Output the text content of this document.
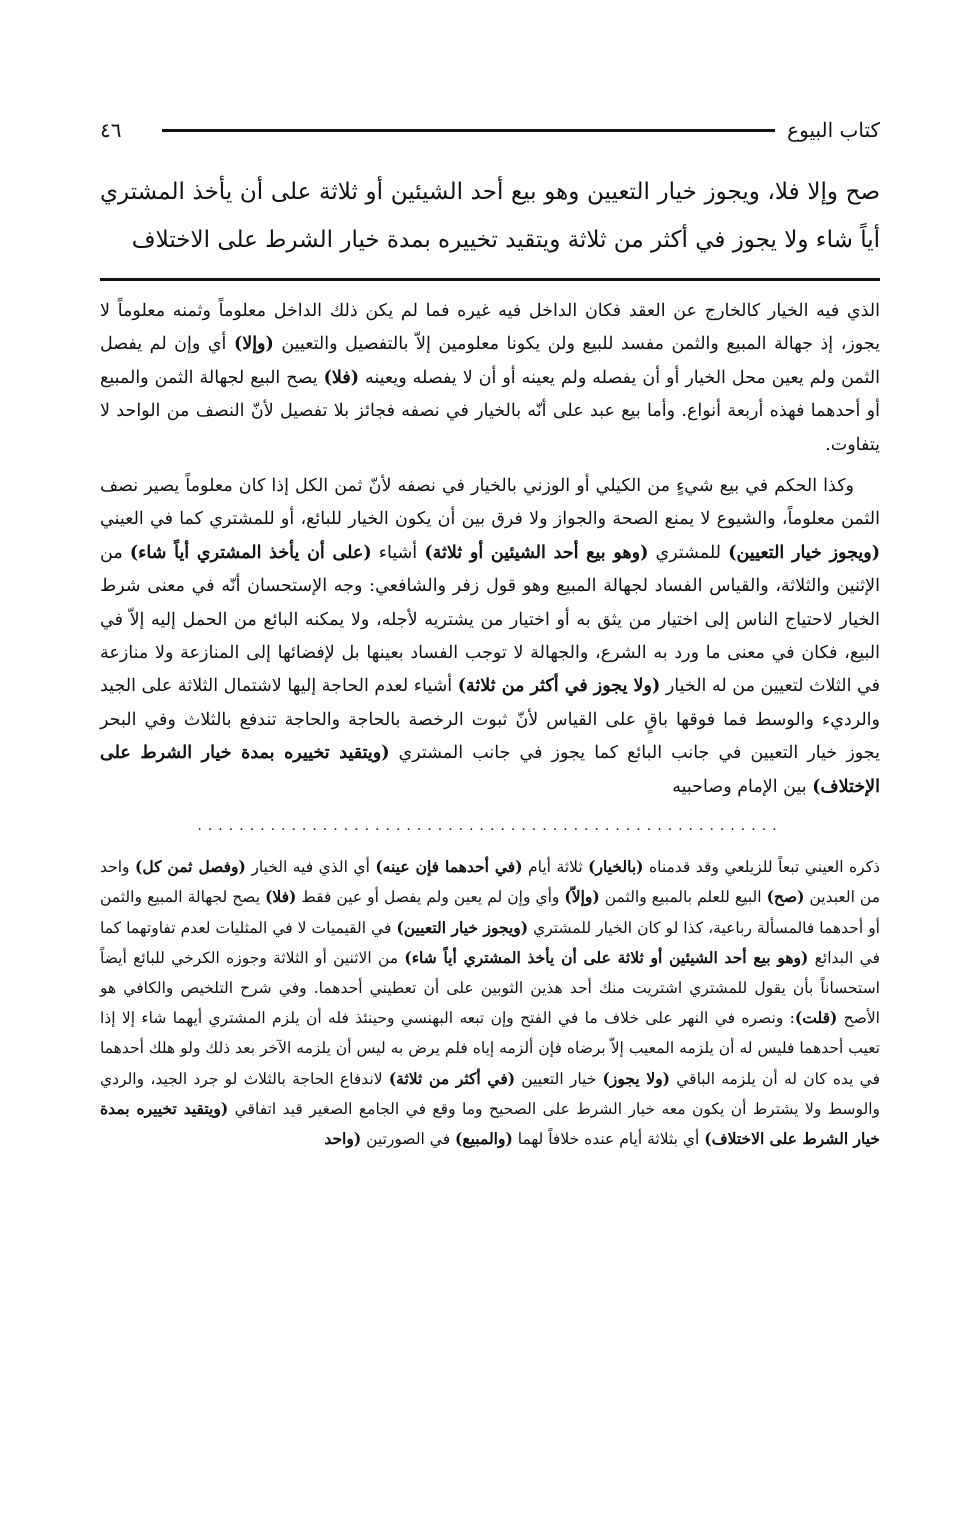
٤٦	كتاب البيوع
صح وإلا فلا، ويجوز خيار التعيين وهو بيع أحد الشيئين أو ثلاثة على أن يأخذ المشتري أياً شاء ولا يجوز في أكثر من ثلاثة ويتقيد تخييره بمدة خيار الشرط على الاختلاف

الذي فيه الخيار كالخارج عن العقد فكان الداخل فيه غيره فما لم يكن ذلك الداخل معلوماً وثمنه معلوماً لا يجوز، إذ جهالة المبيع والثمن مفسد للبيع ولن يكونا معلومين إلاّ بالتفصيل والتعيين (وإلا) أي وإن لم يفصل الثمن ولم يعين محل الخيار أو أن يفصله ولم يعينه أو أن لا يفصله ويعينه (فلا) يصح البيع لجهالة الثمن والمبيع أو أحدهما فهذه أربعة أنواع. وأما بيع عبد على أنّه بالخيار في نصفه فجائز بلا تفصيل لأنّ النصف من الواحد لا يتفاوت.

وكذا الحكم في بيع شيءٍ من الكيلي أو الوزني بالخيار في نصفه لأنّ ثمن الكل إذا كان معلوماً يصير نصف الثمن معلوماً، والشيوع لا يمنع الصحة والجواز ولا فرق بين أن يكون الخيار للبائع، أو للمشتري كما في العيني (ويجوز خيار التعيين) للمشتري (وهو بيع أحد الشيئين أو ثلاثة) أشياء (على أن يأخذ المشتري أياً شاء) من الإثنين والثلاثة، والقياس الفساد لجهالة المبيع وهو قول زفر والشافعي: وجه الإستحسان أنّه في معنى شرط الخيار لاحتياج الناس إلى اختيار من يثق به أو اختيار من يشتريه لأجله، ولا يمكنه البائع من الحمل إليه إلاّ في البيع، فكان في معنى ما ورد به الشرع، والجهالة لا توجب الفساد بعينها بل لإفضائها إلى المنازعة ولا منازعة في الثلاث لتعيين من له الخيار (ولا يجوز في أكثر من ثلاثة) أشياء لعدم الحاجة إليها لاشتمال الثلاثة على الجيد والرديء والوسط فما فوقها باقٍ على القياس لأنّ ثبوت الرخصة بالحاجة والحاجة تندفع بالثلاث وفي البحر يجوز خيار التعيين في جانب البائع كما يجوز في جانب المشتري (ويتقيد تخييره بمدة خيار الشرط على الإختلاف) بين الإمام وصاحبيه

........................................................
ذكره العيني تبعاً للزيلعي وقد قدمناه (بالخيار) ثلاثة أيام (في أحدهما فإن عينه) أي الذي فيه الخيار (وفصل ثمن كل) واحد من العبدين (صح) البيع للعلم بالمبيع والثمن (وإلاّ) وأي وإن لم يعين ولم يفصل أو عين فقط (فلا) يصح لجهالة المبيع والثمن أو أحدهما فالمسألة رباعية، كذا لو كان الخيار للمشتري (ويجوز خيار التعيين) في القيميات لا في المثليات لعدم تفاوتهما كما في البدائع (وهو بيع أحد الشيئين أو ثلاثة على أن يأخذ المشتري أياً شاء) من الاثنين أو الثلاثة وجوزه الكرخي للبائع أيضاً استحساناً بأن يقول للمشتري اشتريت منك أحد هذين الثوبين على أن تعطيني أحدهما. وفي شرح التلخيص والكافي هو الأصح (قلت): ونصره في النهر على خلاف ما في الفتح وإن تبعه البهنسي وحينئذ فله أن يلزم المشتري أيهما شاء إلا إذا تعيب أحدهما فليس له أن يلزمه المعيب إلاّ برضاه فإن ألزمه إياه فلم يرض به ليس أن يلزمه الآخر بعد ذلك ولو هلك أحدهما في يده كان له أن يلزمه الباقي (ولا يجوز) خيار التعيين (في أكثر من ثلاثة) لاندفاع الحاجة بالثلاث لو جرد الجيد، والردي والوسط ولا يشترط أن يكون معه خيار الشرط على الصحيح وما وقع في الجامع الصغير قيد اتفاقي (ويتقيد تخييره بمدة خيار الشرط على الاختلاف) أي بثلاثة أيام عنده خلافاً لهما (والمبيع) في الصورتين (واحد
